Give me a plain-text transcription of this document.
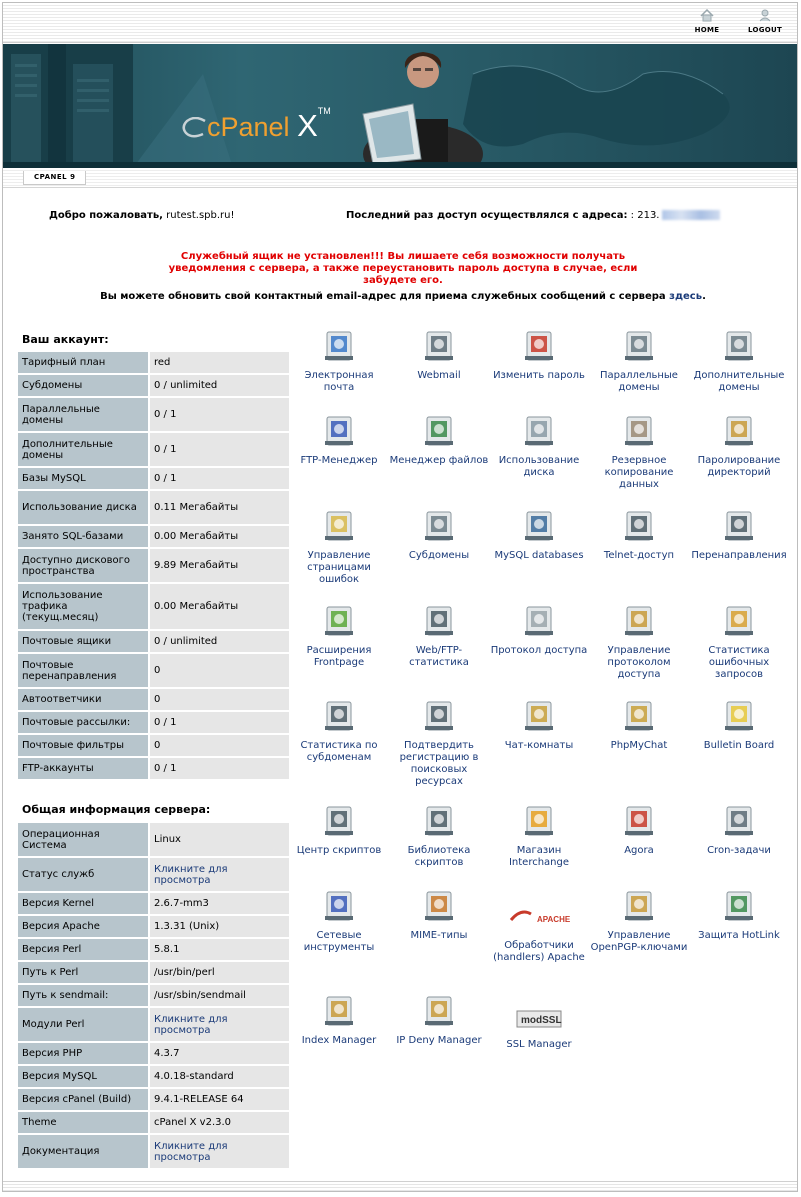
HOME	LOGOUT
cPanel X™
CPANEL 9
Добро пожаловать, rutest.spb.ru!	Последний раз доступ осуществлялся с адреса: : 213.
Служебный ящик не установлен!!! Вы лишаете себя возможности получать уведомления с сервера, а также переустановить пароль доступа в случае, если забудете его.
Вы можете обновить свой контактный email-адрес для приема служебных сообщений с сервера здесь.
Ваш аккаунт:
Тарифный план	red
Субдомены	0 / unlimited
Параллельные домены	0 / 1
Дополнительные домены	0 / 1
Базы MySQL	0 / 1
Использование диска	0.11 Мегабайты
Занято SQL-базами	0.00 Мегабайты
Доступно дискового пространства	9.89 Мегабайты
Использование трафика (текущ.месяц)	0.00 Мегабайты
Почтовые ящики	0 / unlimited
Почтовые перенаправления	0
Автоответчики	0
Почтовые рассылки:	0 / 1
Почтовые фильтры	0
FTP-аккаунты	0 / 1
Общая информация сервера:
Операционная Система	Linux
Статус служб	Кликните для просмотра
Версия Kernel	2.6.7-mm3
Версия Apache	1.3.31 (Unix)
Версия Perl	5.8.1
Путь к Perl	/usr/bin/perl
Путь к sendmail:	/usr/sbin/sendmail
Модули Perl	Кликните для просмотра
Версия PHP	4.3.7
Версия MySQL	4.0.18-standard
Версия cPanel (Build)	9.4.1-RELEASE 64
Theme	cPanel X v2.3.0
Документация	Кликните для просмотра
Электронная почта
Webmail	Изменить пароль	Параллельные домены
Дополнительные домены
FTP-Менеджер	Менеджер файлов	Использование диска
Резервное копирование данных
Паролирование директорий
Управление страницами ошибок
Субдомены	MySQL databases	Telnet-доступ	Перенаправления
Расширения Frontpage
Web/FTP-статистика
Протокол доступа	Управление протоколом доступа
Статистика ошибочных запросов
Статистика по субдоменам
Подтвердить регистрацию в поисковых ресурсах
Чат-комнаты	PhpMyChat	Bulletin Board
Центр скриптов	Библиотека скриптов
Магазин Interchange
Agora	Cron-задачи
Сетевые инструменты
MIME-типы
APACHE
Обработчики (handlers) Apache
Управление OpenPGP-ключами
Защита HotLink
Index Manager	IP Deny Manager
modSSL
SSL Manager
